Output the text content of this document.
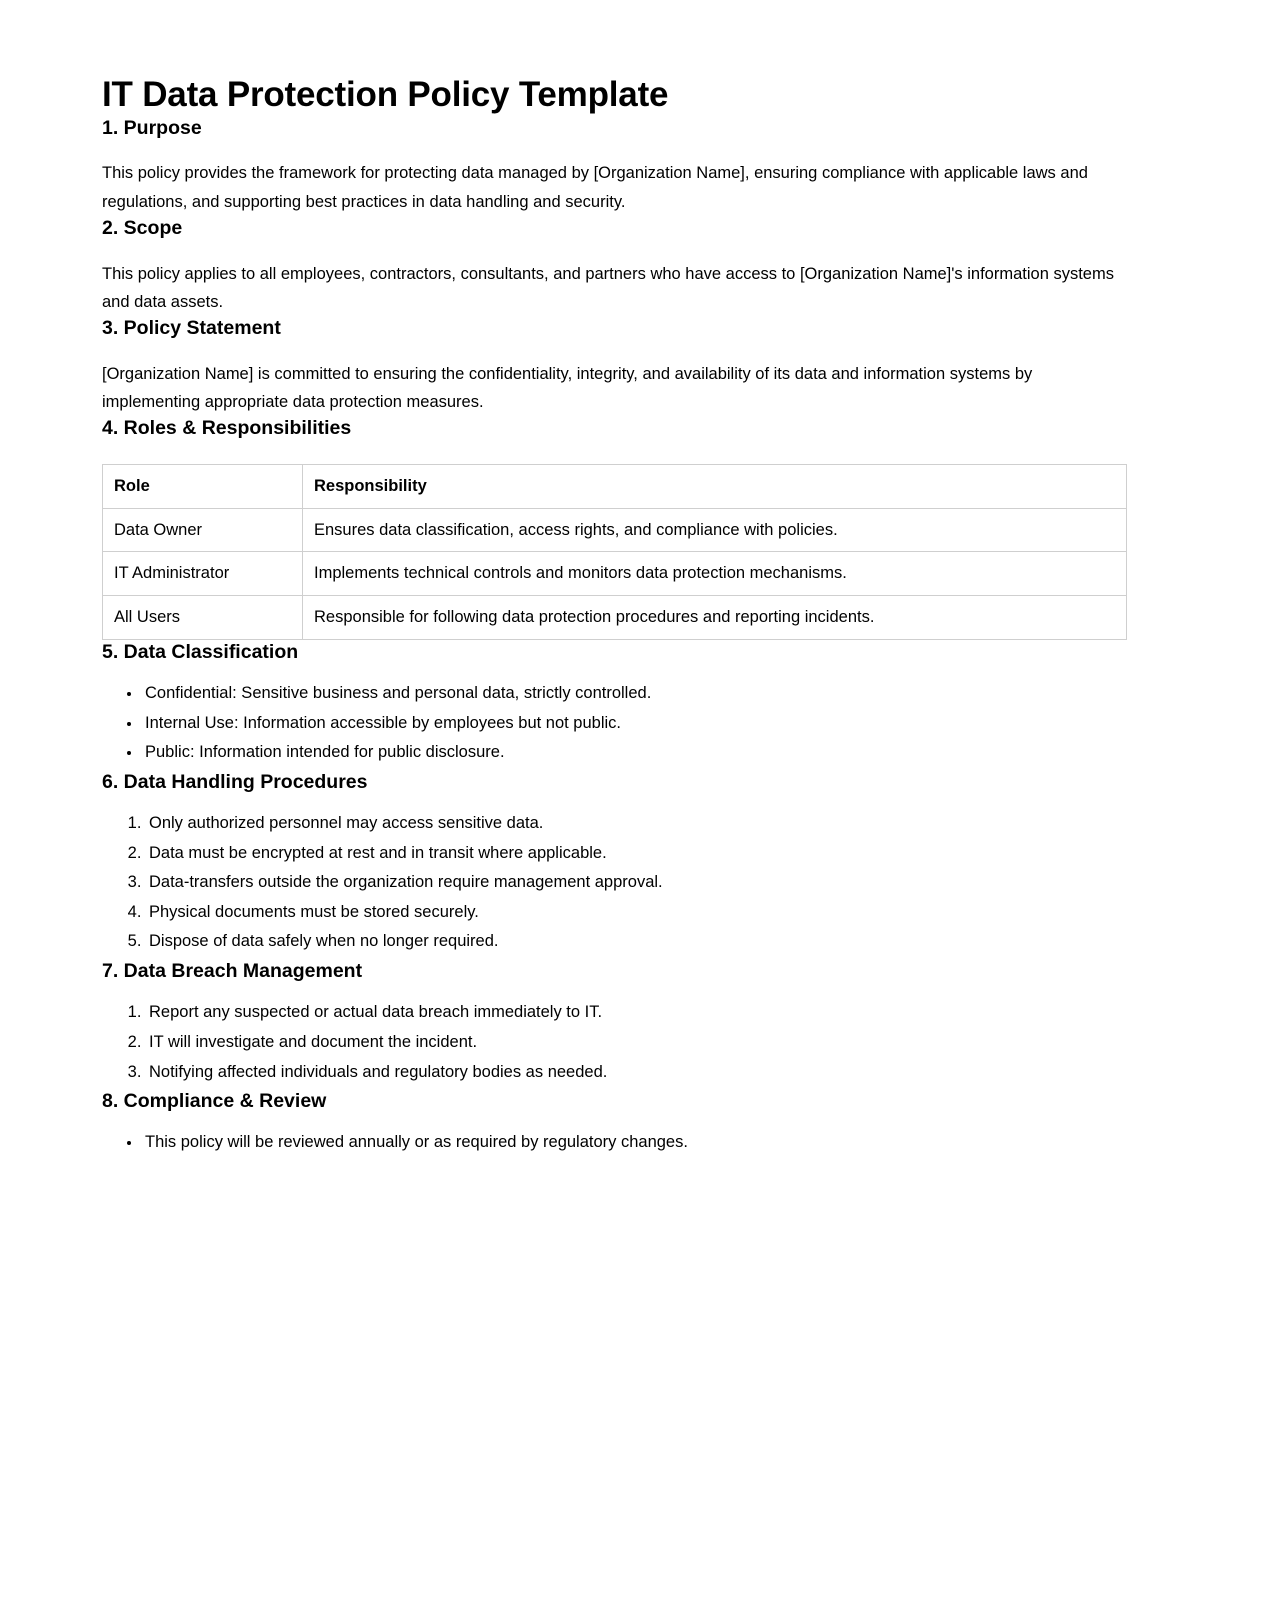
IT Data Protection Policy Template
1. Purpose

This policy provides the framework for protecting data managed by [Organization Name], ensuring compliance with applicable laws and regulations, and supporting best practices in data handling and security.

2. Scope

This policy applies to all employees, contractors, consultants, and partners who have access to [Organization Name]'s information systems and data assets.

3. Policy Statement

[Organization Name] is committed to ensuring the confidentiality, integrity, and availability of its data and information systems by implementing appropriate data protection measures.

4. Roles & Responsibilities
Role	Responsibility
Data Owner	Ensures data classification, access rights, and compliance with policies.
IT Administrator	Implements technical controls and monitors data protection mechanisms.
All Users	Responsible for following data protection procedures and reporting incidents.
5. Data Classification
• Confidential: Sensitive business and personal data, strictly controlled.
• Internal Use: Information accessible by employees but not public.
• Public: Information intended for public disclosure.
6. Data Handling Procedures
1. Only authorized personnel may access sensitive data.
2. Data must be encrypted at rest and in transit where applicable.
3. Data-transfers outside the organization require management approval.
4. Physical documents must be stored securely.
5. Dispose of data safely when no longer required.
7. Data Breach Management
1. Report any suspected or actual data breach immediately to IT.
2. IT will investigate and document the incident.
3. Notifying affected individuals and regulatory bodies as needed.
8. Compliance & Review
• This policy will be reviewed annually or as required by regulatory changes.
